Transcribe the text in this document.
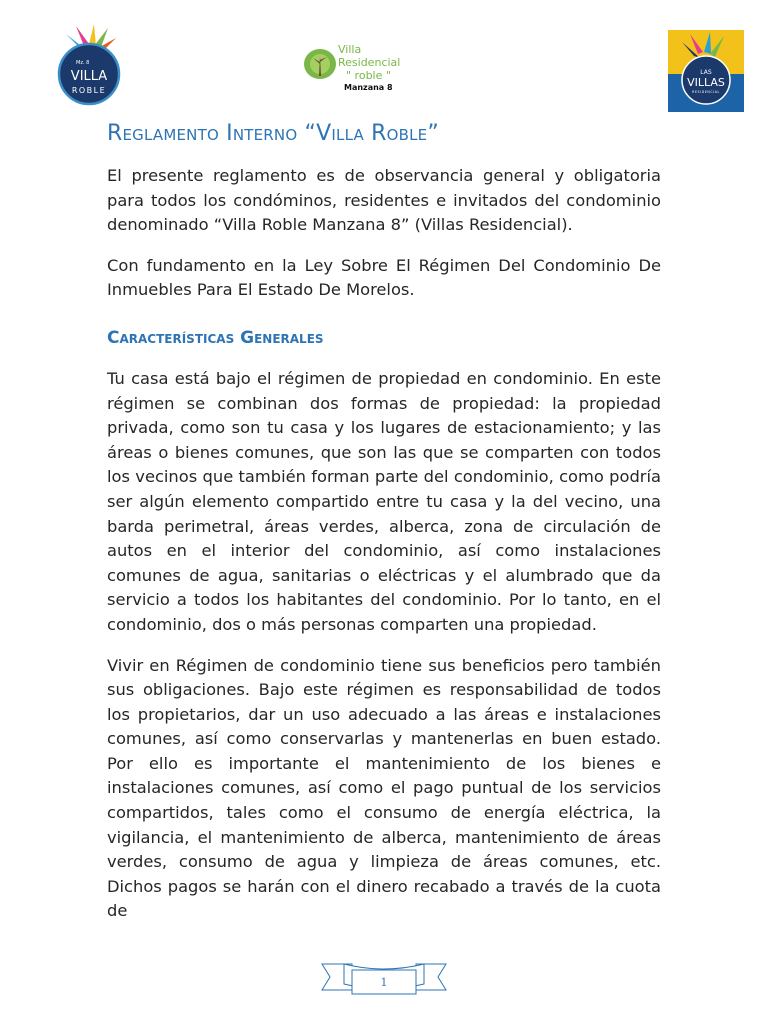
Mz. 8
VILLA
ROBLE
Villa
Residencial
" roble "
Manzana 8
LAS
VILLAS
RESIDENCIAL
Reglamento Interno “Villa Roble”

El presente reglamento es de observancia general y obligatoria para todos los condóminos, residentes e invitados del condominio denominado “Villa Roble Manzana 8” (Villas Residencial).

Con fundamento en la Ley Sobre El Régimen Del Condominio De Inmuebles Para El Estado De Morelos.

Características Generales

Tu casa está bajo el régimen de propiedad en condominio. En este régimen se combinan dos formas de propiedad: la propiedad privada, como son tu casa y los lugares de estacionamiento; y las áreas o bienes comunes, que son las que se comparten con todos los vecinos que también forman parte del condominio, como podría ser algún elemento compartido entre tu casa y la del vecino, una barda perimetral, áreas verdes, alberca, zona de circulación de autos en el interior del condominio, así como instalaciones comunes de agua, sanitarias o eléctricas y el alumbrado que da servicio a todos los habitantes del condominio. Por lo tanto, en el condominio, dos o más personas comparten una propiedad.

Vivir en Régimen de condominio tiene sus beneficios pero también sus obligaciones. Bajo este régimen es responsabilidad de todos los propietarios, dar un uso adecuado a las áreas e instalaciones comunes, así como conservarlas y mantenerlas en buen estado. Por ello es importante el mantenimiento de los bienes e instalaciones comunes, así como el pago puntual de los servicios compartidos, tales como el consumo de energía eléctrica, la vigilancia, el mantenimiento de alberca, mantenimiento de áreas verdes, consumo de agua y limpieza de áreas comunes, etc. Dichos pagos se harán con el dinero recabado a través de la cuota de

1
